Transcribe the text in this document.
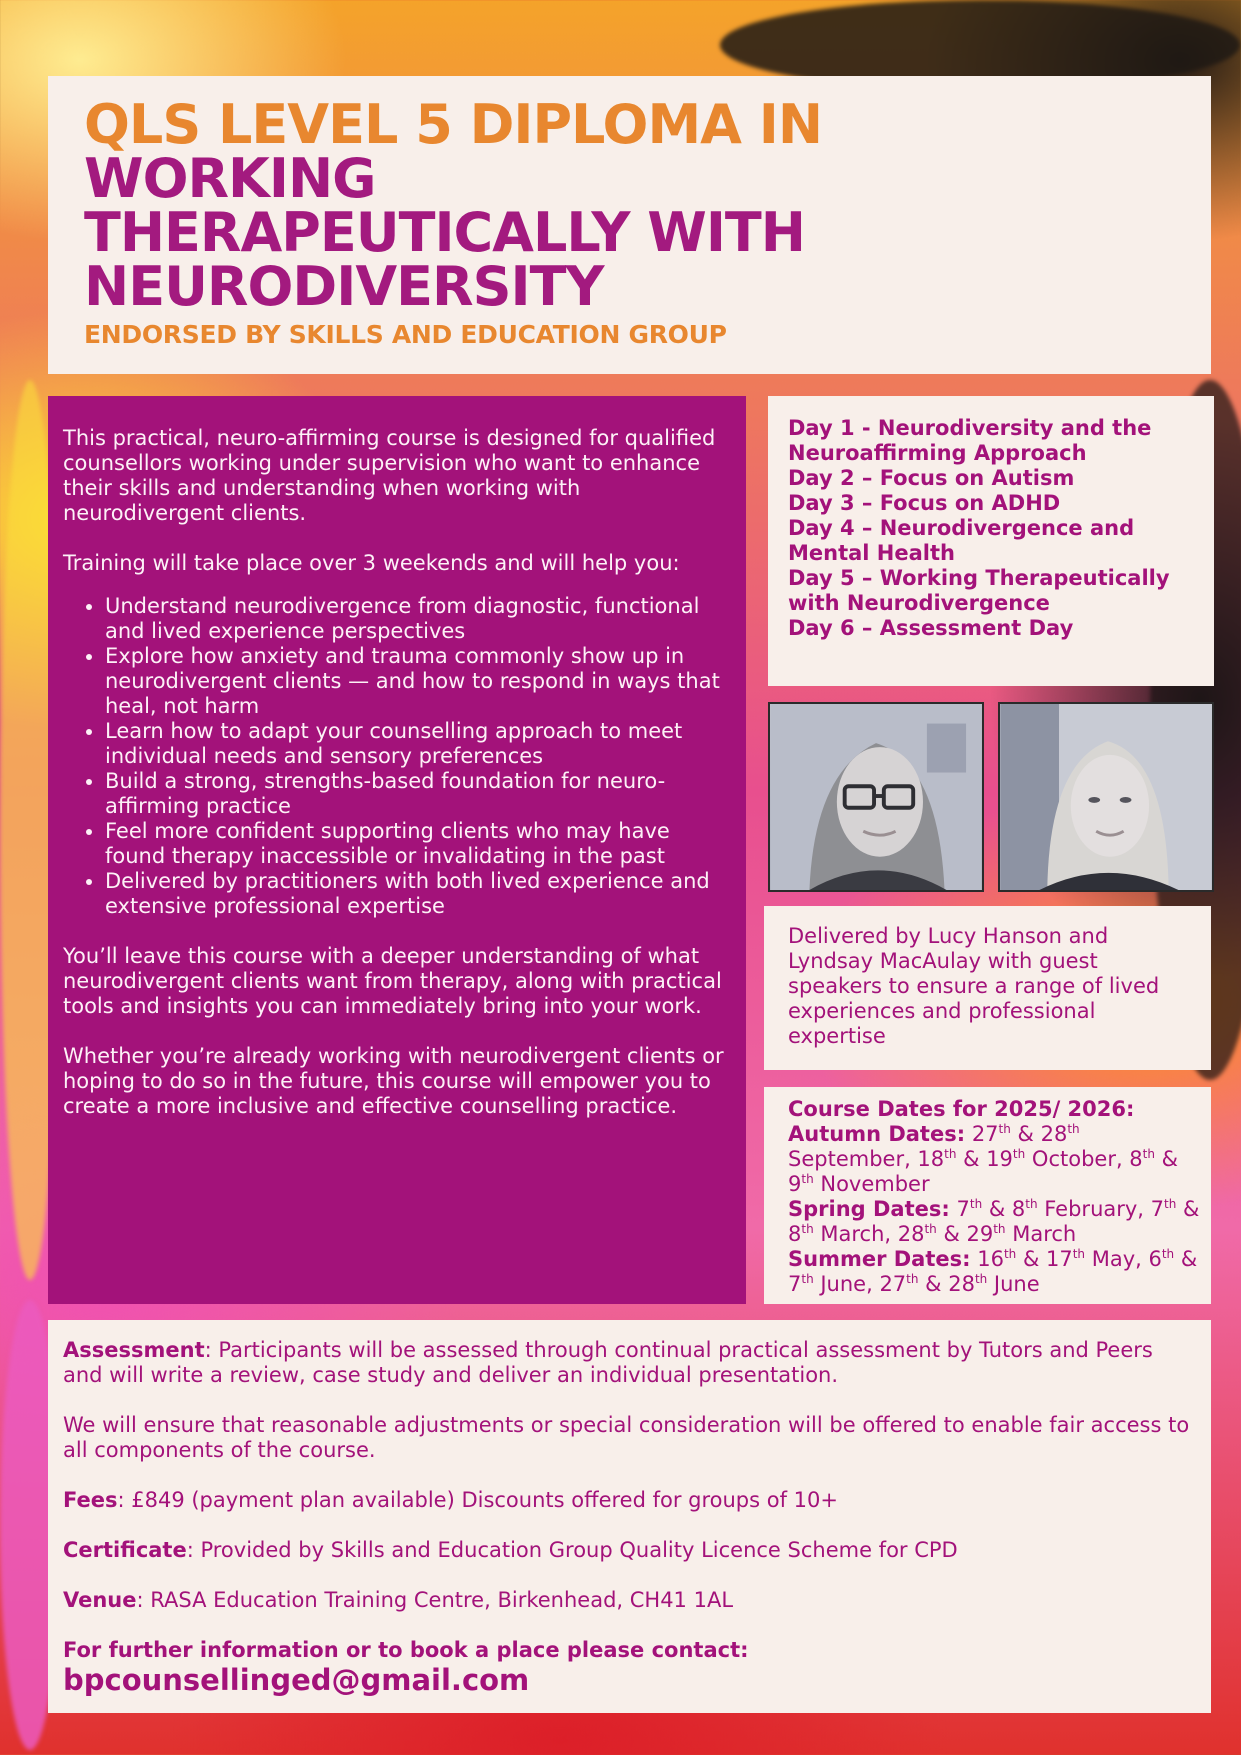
QLS LEVEL 5 DIPLOMA IN
WORKING
THERAPEUTICALLY WITH
NEURODIVERSITY
ENDORSED BY SKILLS AND EDUCATION GROUP

This practical, neuro-affirming course is designed for qualified counsellors working under supervision who want to enhance their skills and understanding when working with neurodivergent clients.

Training will take place over 3 weekends and will help you:

• Understand neurodivergence from diagnostic, functional and lived experience perspectives
• Explore how anxiety and trauma commonly show up in neurodivergent clients — and how to respond in ways that heal, not harm
• Learn how to adapt your counselling approach to meet individual needs and sensory preferences
• Build a strong, strengths-based foundation for neuro-affirming practice
• Feel more confident supporting clients who may have found therapy inaccessible or invalidating in the past
• Delivered by practitioners with both lived experience and extensive professional expertise

You’ll leave this course with a deeper understanding of what neurodivergent clients want from therapy, along with practical tools and insights you can immediately bring into your work.

Whether you’re already working with neurodivergent clients or hoping to do so in the future, this course will empower you to create a more inclusive and effective counselling practice.

Day 1 - Neurodiversity and the Neuroaffirming Approach
Day 2 – Focus on Autism
Day 3 – Focus on ADHD
Day 4 – Neurodivergence and Mental Health
Day 5 – Working Therapeutically with Neurodivergence
Day 6 – Assessment Day
Delivered by Lucy Hanson and Lyndsay MacAulay with guest speakers to ensure a range of lived experiences and professional expertise
Course Dates for 2025/ 2026:
Autumn Dates: 27th & 28th September, 18th & 19th October, 8th & 9th November
Spring Dates: 7th & 8th February, 7th & 8th March, 28th & 29th March
Summer Dates: 16th & 17th May, 6th & 7th June, 27th & 28th June

Assessment: Participants will be assessed through continual practical assessment by Tutors and Peers and will write a review, case study and deliver an individual presentation.

We will ensure that reasonable adjustments or special consideration will be offered to enable fair access to all components of the course.

Fees: £849 (payment plan available) Discounts offered for groups of 10+

Certificate: Provided by Skills and Education Group Quality Licence Scheme for CPD

Venue: RASA Education Training Centre, Birkenhead, CH41 1AL

For further information or to book a place please contact:

bpcounsellinged@gmail.com
